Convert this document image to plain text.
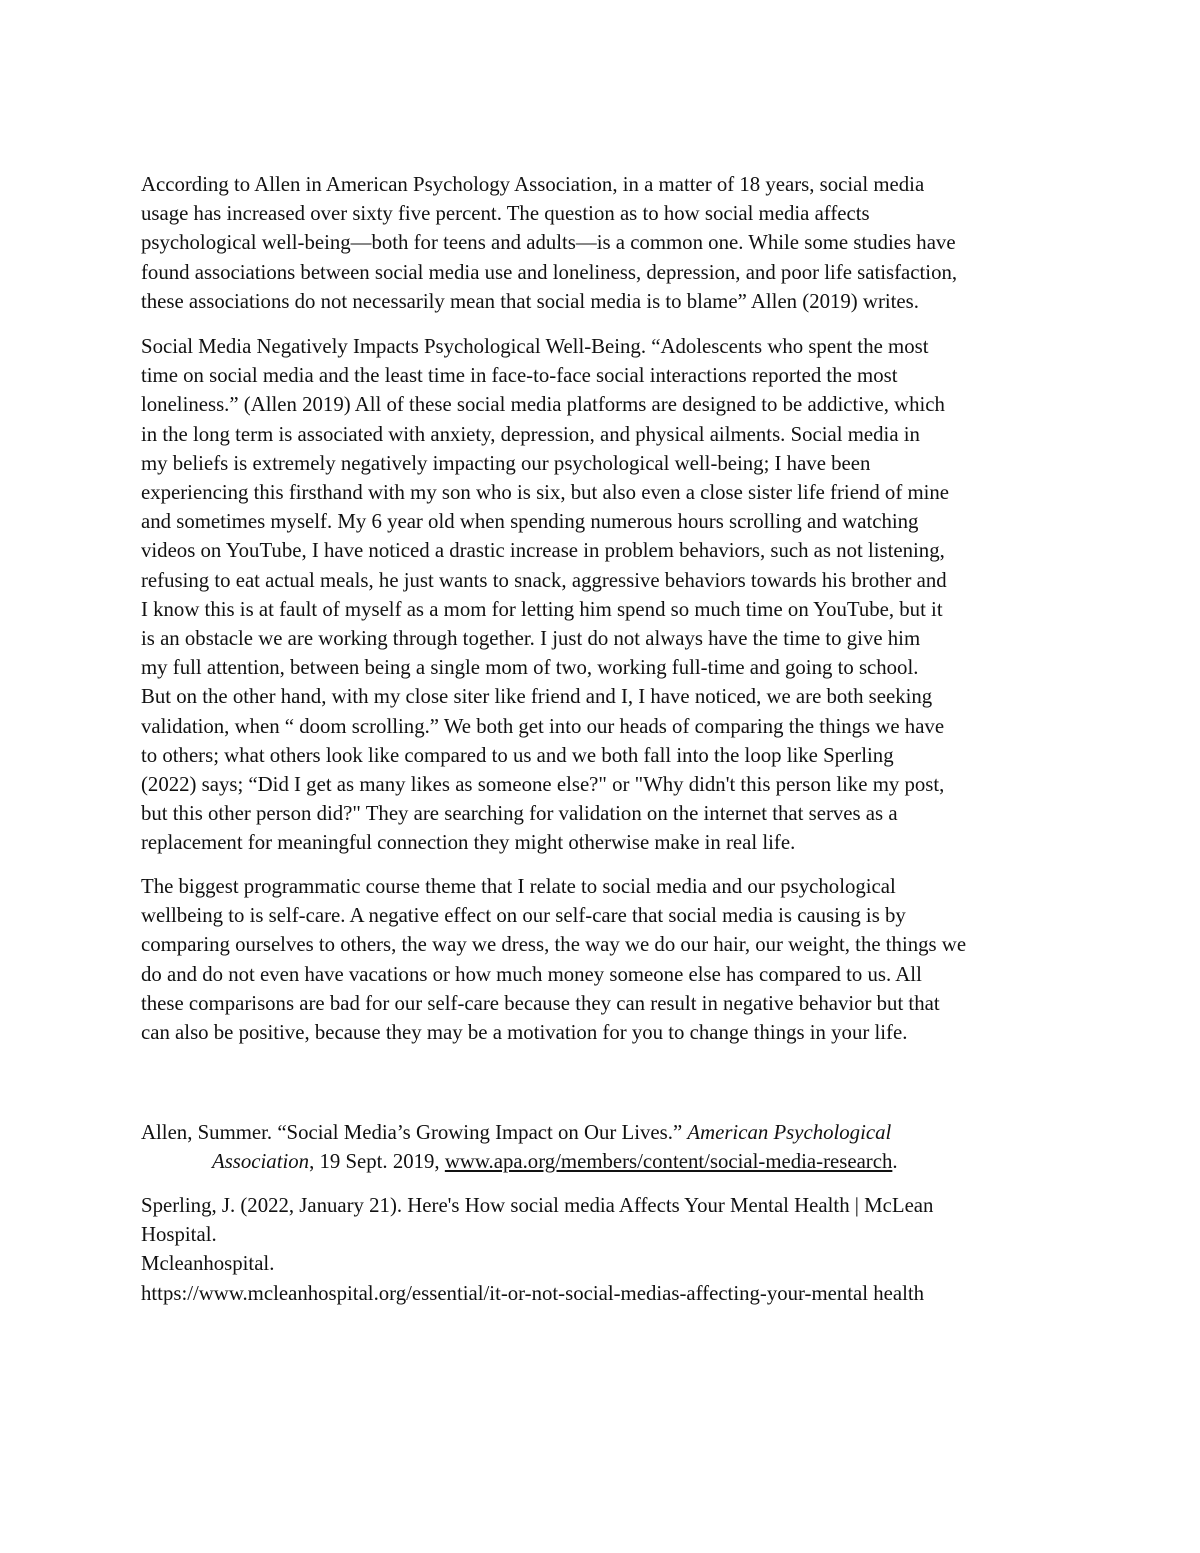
According to Allen in American Psychology Association, in a matter of 18 years, social media
usage has increased over sixty five percent. The question as to how social media affects
psychological well-being—both for teens and adults—is a common one. While some studies have
found associations between social media use and loneliness, depression, and poor life satisfaction,
these associations do not necessarily mean that social media is to blame” Allen (2019) writes.
Social Media Negatively Impacts Psychological Well-Being. “Adolescents who spent the most
time on social media and the least time in face-to-face social interactions reported the most
loneliness.” (Allen 2019) All of these social media platforms are designed to be addictive, which
in the long term is associated with anxiety, depression, and physical ailments. Social media in
my beliefs is extremely negatively impacting our psychological well-being; I have been
experiencing this firsthand with my son who is six, but also even a close sister life friend of mine
and sometimes myself. My 6 year old when spending numerous hours scrolling and watching
videos on YouTube, I have noticed a drastic increase in problem behaviors, such as not listening,
refusing to eat actual meals, he just wants to snack, aggressive behaviors towards his brother and
I know this is at fault of myself as a mom for letting him spend so much time on YouTube, but it
is an obstacle we are working through together. I just do not always have the time to give him
my full attention, between being a single mom of two, working full-time and going to school.
But on the other hand, with my close siter like friend and I, I have noticed, we are both seeking
validation, when “ doom scrolling.” We both get into our heads of comparing the things we have
to others; what others look like compared to us and we both fall into the loop like Sperling
(2022) says; “Did I get as many likes as someone else?" or "Why didn't this person like my post,
but this other person did?" They are searching for validation on the internet that serves as a
replacement for meaningful connection they might otherwise make in real life.
The biggest programmatic course theme that I relate to social media and our psychological
wellbeing to is self-care. A negative effect on our self-care that social media is causing is by
comparing ourselves to others, the way we dress, the way we do our hair, our weight, the things we
do and do not even have vacations or how much money someone else has compared to us. All
these comparisons are bad for our self-care because they can result in negative behavior but that
can also be positive, because they may be a motivation for you to change things in your life.
Allen, Summer. “Social Media’s Growing Impact on Our Lives.” American Psychological
Association, 19 Sept. 2019, www.apa.org/members/content/social-media-research.
Sperling, J. (2022, January 21). Here's How social media Affects Your Mental Health | McLean
Hospital.
Mcleanhospital.
https://www.mcleanhospital.org/essential/it-or-not-social-medias-affecting-your-mental health
